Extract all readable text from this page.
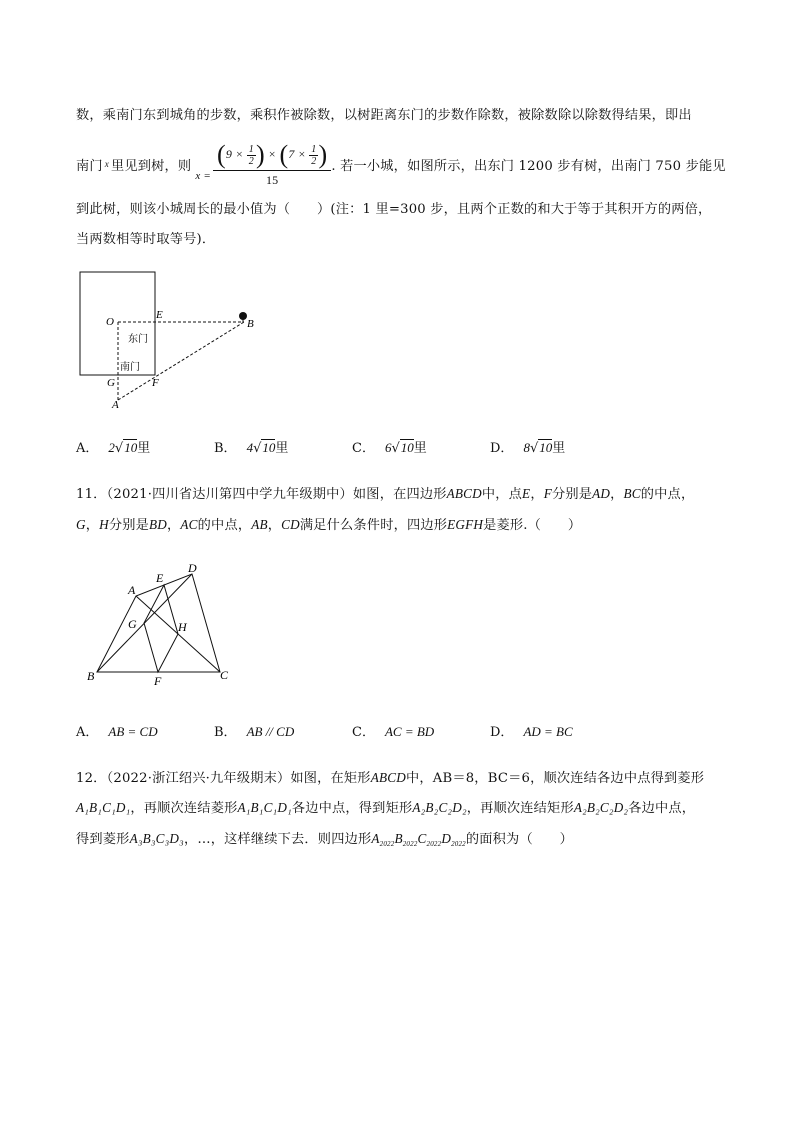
数，乘南门东到城角的步数，乘积作被除数，以树距离东门的步数作除数，被除数除以除数得结果，即出
南门 x 里见到树，则
$x = \frac{(9 \times \frac{1}{2} ) \times (7 \times \frac{1}{2} )}{15}$ . 若一小城，如图所示，出东门 1200 步有树，出南门 750 步能见
到此树，则该小城周长的最小值为（　　）(注：1 里=300 步，且两个正数的和大于等于其积开方的两倍，
当两数相等时取等号)．
O
E
B
东门
南门
G	F
A
A． 2√10里	B． 4√10里	C． 6√10里	D． 8√10里
11．（2021·四川省达川第四中学九年级期中）如图，在四边形ABCD中，点E，F分别是AD，BC的中点，
G，H分别是BD，AC的中点，AB，CD满足什么条件时，四边形EGFH是菱形.（　　）
A
E
D
G	H
B	F	C
A． AB = CD	B． AB // CD	C． AC = BD	D． AD = BC
12．（2022·浙江绍兴·九年级期末）如图，在矩形ABCD中，AB＝8，BC＝6，顺次连结各边中点得到菱形
A₁B₁C₁D₁，再顺次连结菱形A₁B₁C₁D₁各边中点，得到矩形A₂B₂C₂D₂，再顺次连结矩形A₂B₂C₂D₂各边中点，
得到菱形A₃B₃C₃D₃，…，这样继续下去．则四边形$A_{2022}B_{2022}C_{2022}D_{2022}$的面积为（　　）
